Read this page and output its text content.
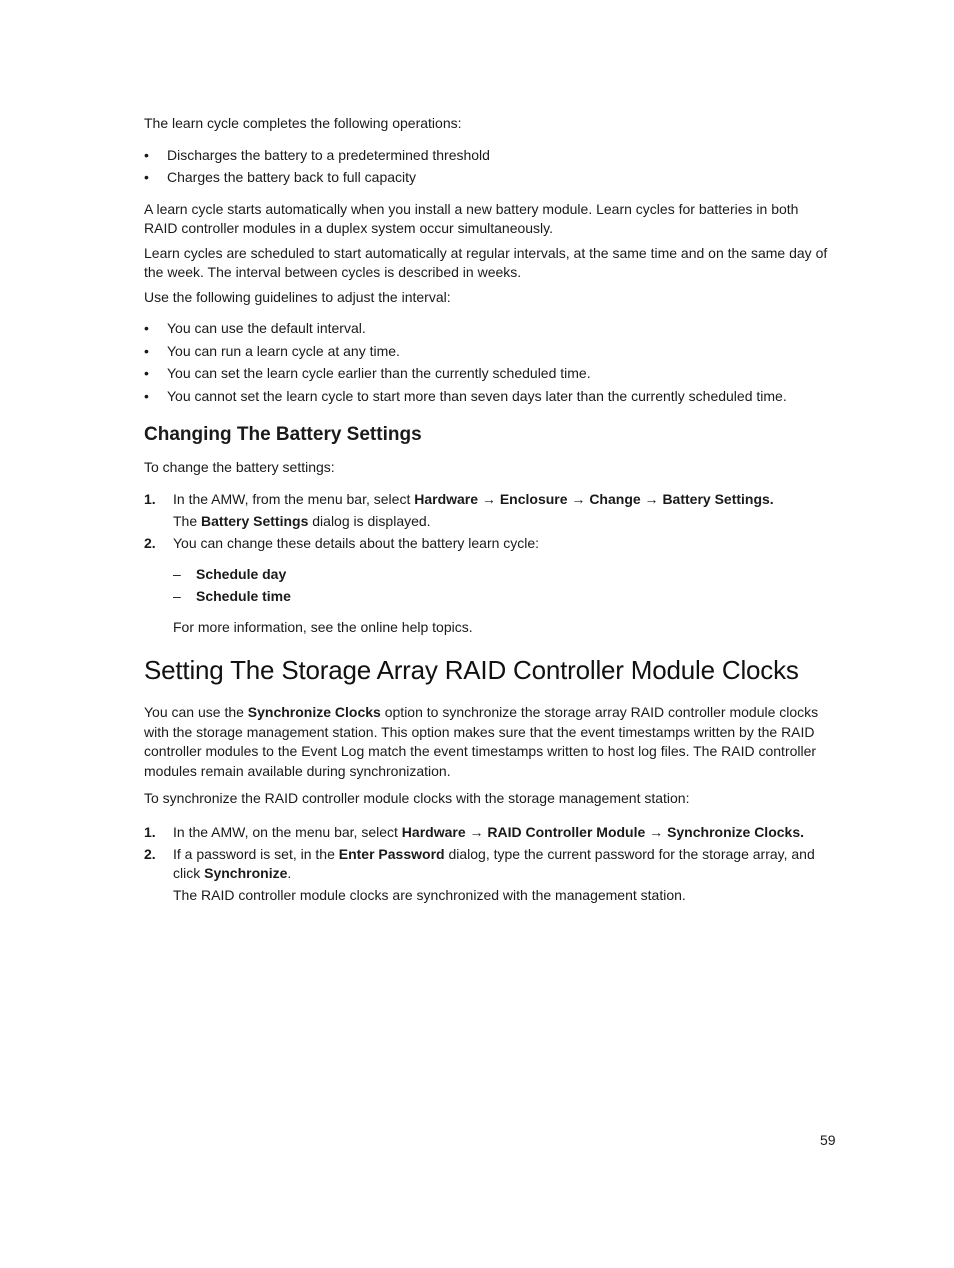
The learn cycle completes the following operations:

• Discharges the battery to a predetermined threshold
• Charges the battery back to full capacity

A learn cycle starts automatically when you install a new battery module. Learn cycles for batteries in both RAID controller modules in a duplex system occur simultaneously.

Learn cycles are scheduled to start automatically at regular intervals, at the same time and on the same day of the week. The interval between cycles is described in weeks.

Use the following guidelines to adjust the interval:

• You can use the default interval.
• You can run a learn cycle at any time.
• You can set the learn cycle earlier than the currently scheduled time.
• You cannot set the learn cycle to start more than seven days later than the currently scheduled time.
Changing The Battery Settings

To change the battery settings:

1. In the AMW, from the menu bar, select Hardware → Enclosure → Change → Battery Settings.
The Battery Settings dialog is displayed.
2. You can change these details about the battery learn cycle:
– Schedule day
– Schedule time

For more information, see the online help topics.

Setting The Storage Array RAID Controller Module Clocks

You can use the Synchronize Clocks option to synchronize the storage array RAID controller module clocks with the storage management station. This option makes sure that the event timestamps written by the RAID controller modules to the Event Log match the event timestamps written to host log files. The RAID controller modules remain available during synchronization.

To synchronize the RAID controller module clocks with the storage management station:

1. In the AMW, on the menu bar, select Hardware → RAID Controller Module → Synchronize Clocks.
2. If a password is set, in the Enter Password dialog, type the current password for the storage array, and click Synchronize.
The RAID controller module clocks are synchronized with the management station.
59
